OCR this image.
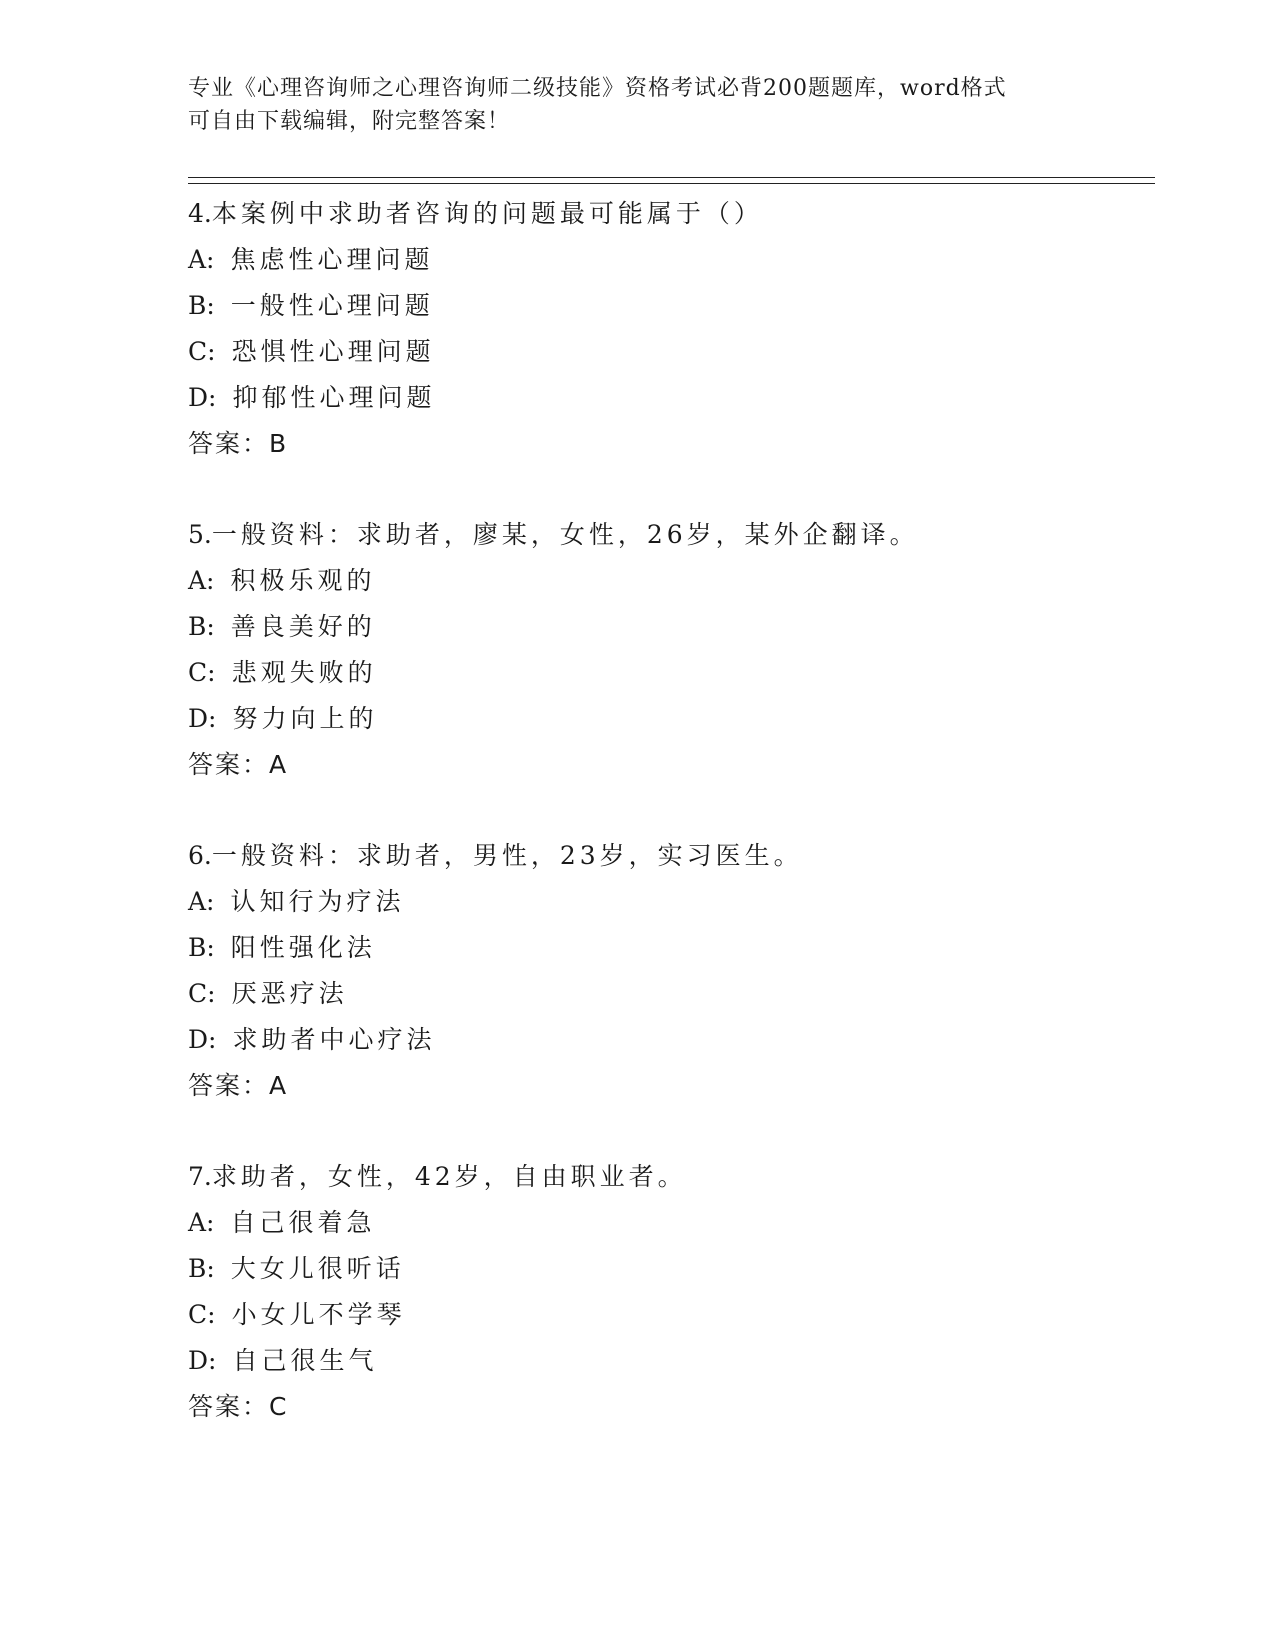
专业《心理咨询师之心理咨询师二级技能》资格考试必背200题题库，word格式
可自由下载编辑，附完整答案！
4.本案例中求助者咨询的问题最可能属于（）
A: 焦虑性心理问题
B: 一般性心理问题
C: 恐惧性心理问题
D: 抑郁性心理问题
答案：B
5.一般资料：求助者，廖某，女性，26岁，某外企翻译。
A: 积极乐观的
B: 善良美好的
C: 悲观失败的
D: 努力向上的
答案：A
6.一般资料：求助者，男性，23岁，实习医生。
A: 认知行为疗法
B: 阳性强化法
C: 厌恶疗法
D: 求助者中心疗法
答案：A
7.求助者，女性，42岁，自由职业者。
A: 自己很着急
B: 大女儿很听话
C: 小女儿不学琴
D: 自己很生气
答案：C
